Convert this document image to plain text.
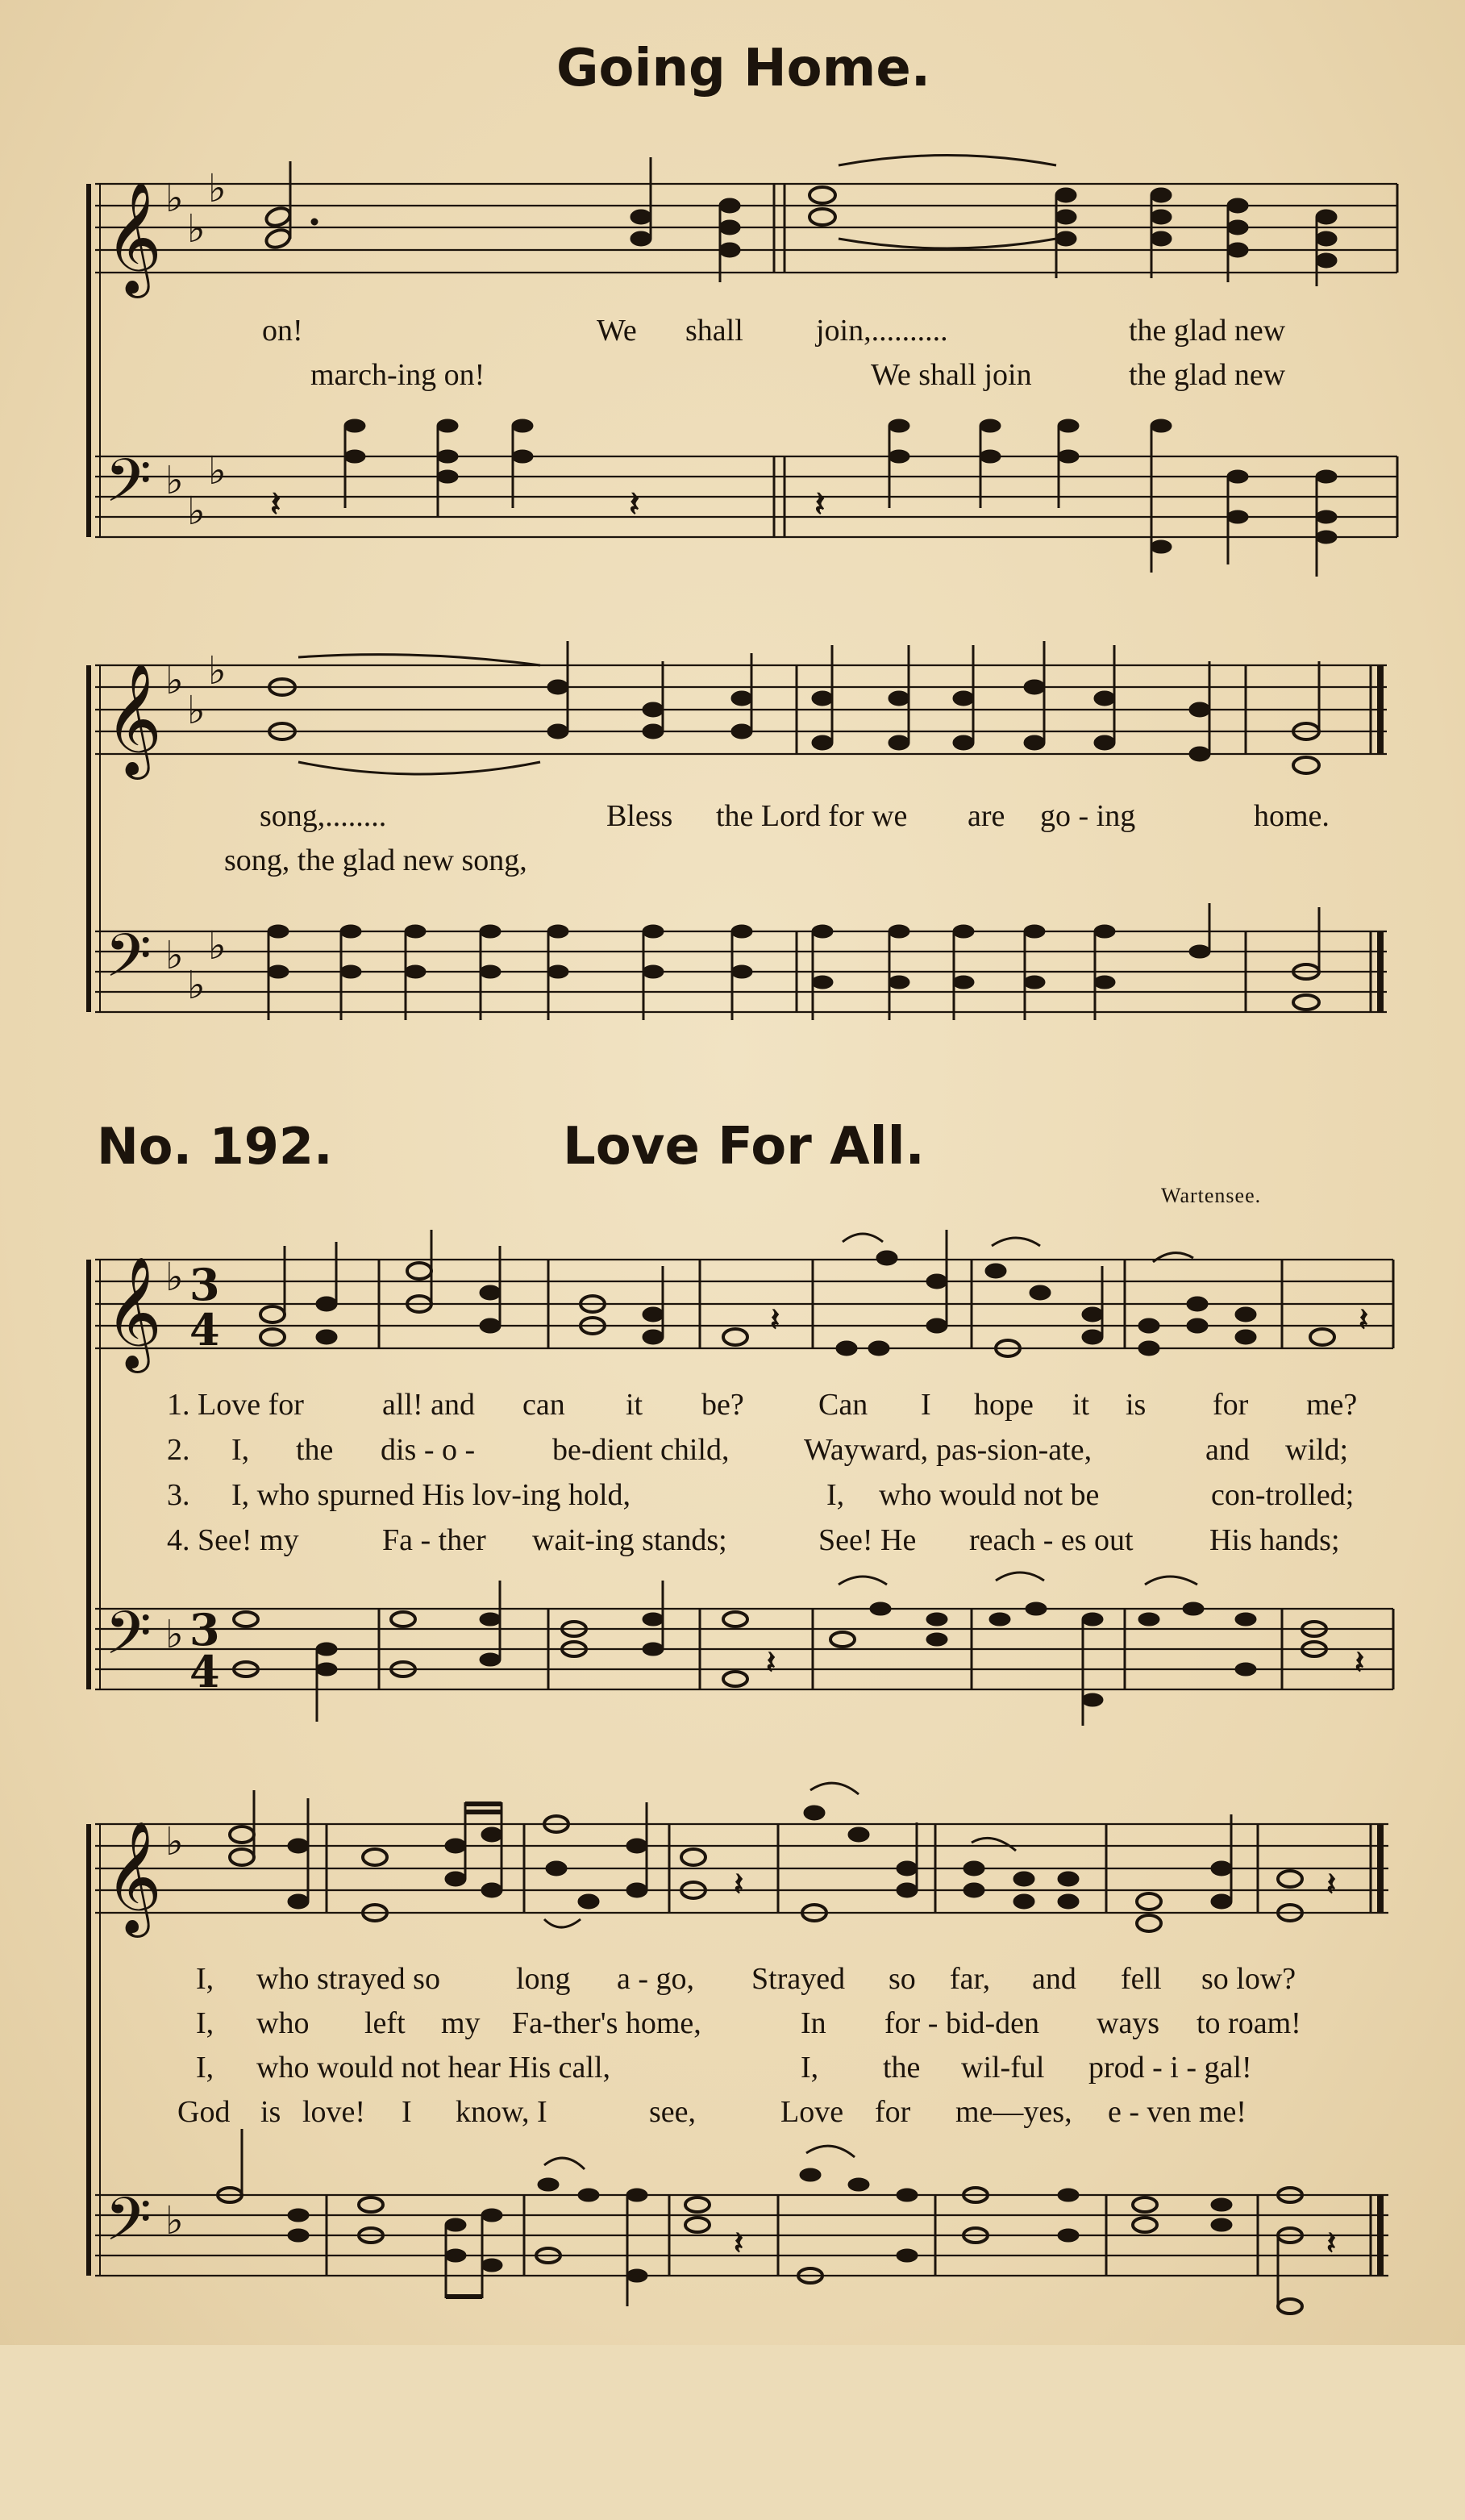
Going Home.
𝄞
𝄢
♭
♭
♭
♭
♭
♭
𝄽	𝄽	𝄽

on!

	We

shall

join,..........

	the glad new

march-ing on!

	We shall join

	the glad new

𝄞
𝄢
♭
♭
♭
♭
♭
♭

song,........

	Bless

the Lord for we

are

go - ing

	home.

song, the glad new song,

No. 192.	Love For All.
Wartensee.
𝄞
𝄢
♭
♭
3
4
3
4
𝄽	𝄽
𝄽	𝄽

1. Love for

	all! and

can

it

be?

Can

I

hope

it

is

for

me?

2.

I,

the

dis - o -

	be-dient child,

Wayward,

pas-sion-ate,

	and

wild;

3.

I, who spurned His lov-ing hold,

	I,

who would not be

	con-trolled;

4. See! my

	Fa - ther

wait-ing stands;

	See! He

reach - es out

His hands;

𝄞
𝄢
♭
♭
𝄽	𝄽
𝄽	𝄽

I,

who strayed so

long

a - go,

Strayed

so

far,

and

fell

so low?

I,

who

left

my

Fa-ther's home,

	In

for - bid-den

ways

to roam!

I,

who would not hear His call,

	I,

the

wil-ful

prod - i - gal!

God

is

love!

I

know, I

	see,

	Love

for

me—yes,

e - ven me!
